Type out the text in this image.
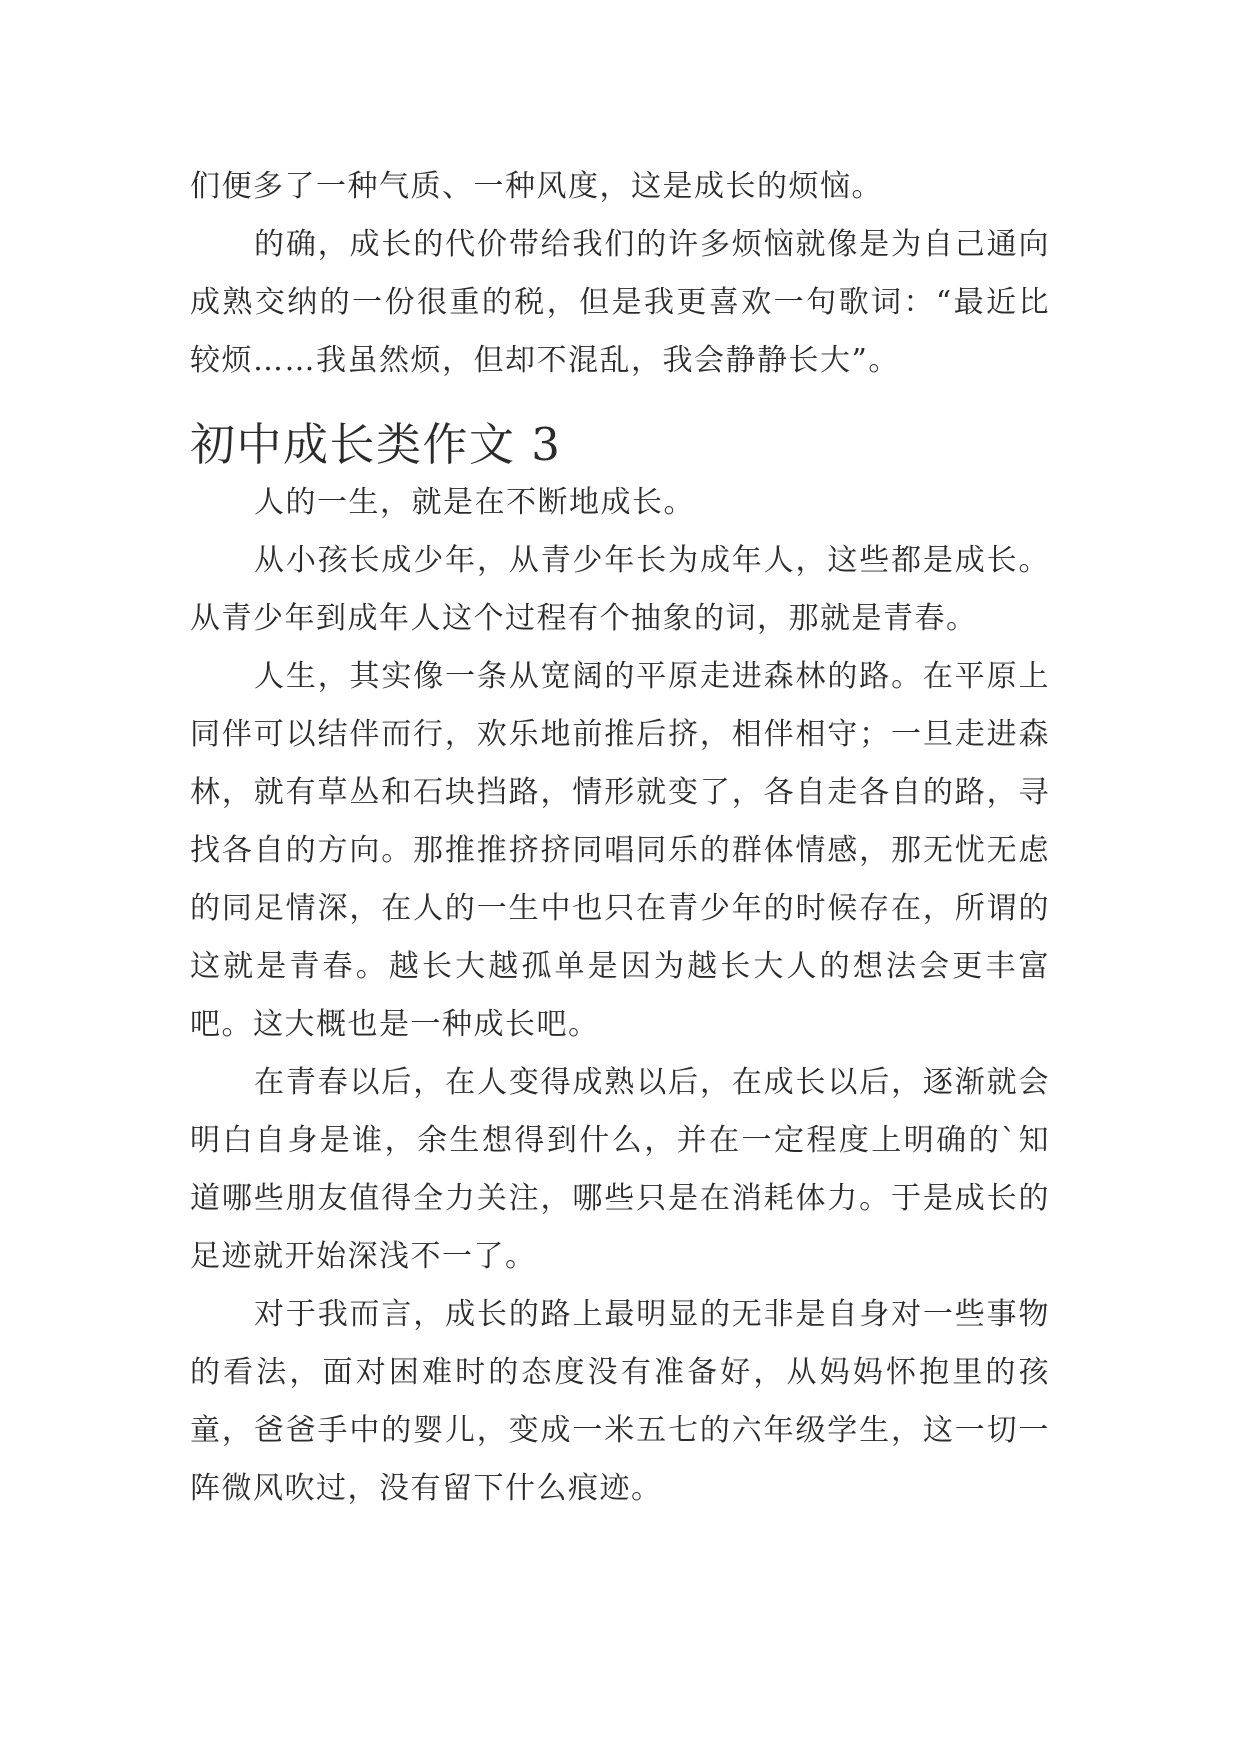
们便多了一种气质、一种风度，这是成长的烦恼。

的确，成长的代价带给我们的许多烦恼就像是为自己通向成熟交纳的一份很重的税，但是我更喜欢一句歌词：“最近比较烦……我虽然烦，但却不混乱，我会静静长大”。

初中成长类作文 3

人的一生，就是在不断地成长。

从小孩长成少年，从青少年长为成年人，这些都是成长。从青少年到成年人这个过程有个抽象的词，那就是青春。

人生，其实像一条从宽阔的平原走进森林的路。在平原上同伴可以结伴而行，欢乐地前推后挤，相伴相守；一旦走进森林，就有草丛和石块挡路，情形就变了，各自走各自的路，寻找各自的方向。那推推挤挤同唱同乐的群体情感，那无忧无虑的同足情深，在人的一生中也只在青少年的时候存在，所谓的这就是青春。越长大越孤单是因为越长大人的想法会更丰富吧。这大概也是一种成长吧。

在青春以后，在人变得成熟以后，在成长以后，逐渐就会明白自身是谁，余生想得到什么，并在一定程度上明确的`知道哪些朋友值得全力关注，哪些只是在消耗体力。于是成长的足迹就开始深浅不一了。

对于我而言，成长的路上最明显的无非是自身对一些事物的看法，面对困难时的态度没有准备好，从妈妈怀抱里的孩童，爸爸手中的婴儿，变成一米五七的六年级学生，这一切一阵微风吹过，没有留下什么痕迹。
